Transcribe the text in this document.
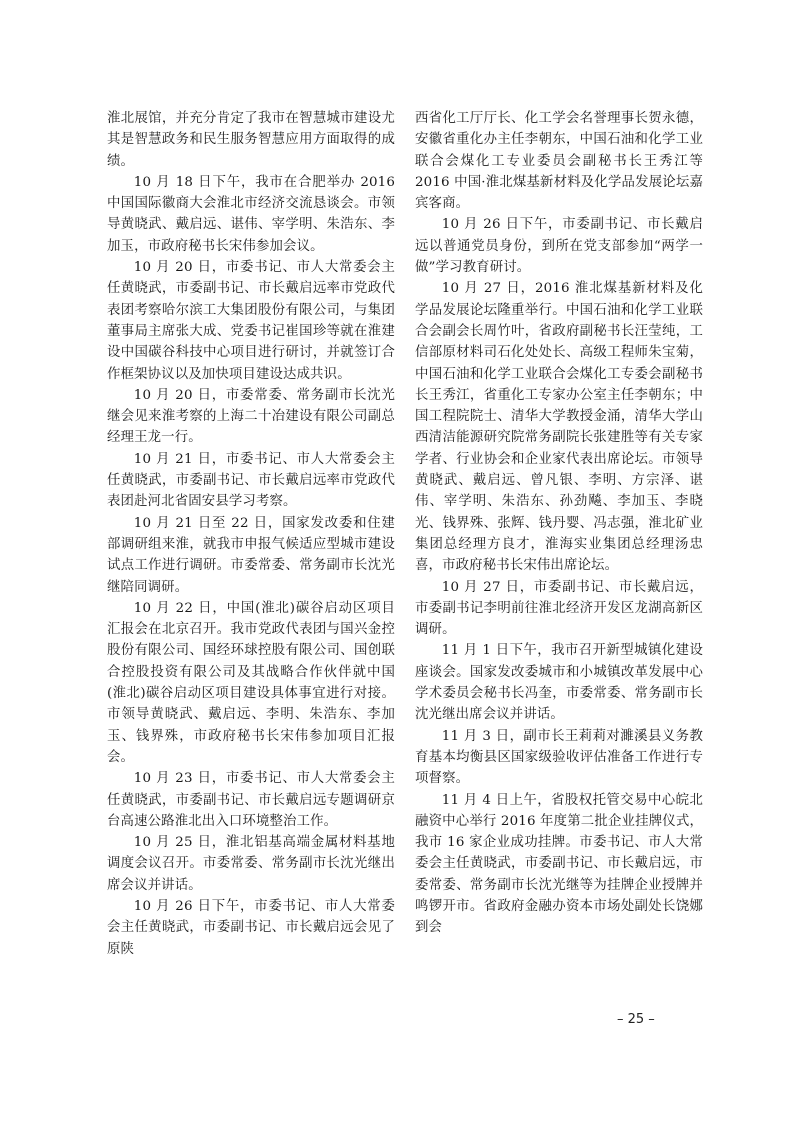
淮北展馆，并充分肯定了我市在智慧城市建设尤其是智慧政务和民生服务智慧应用方面取得的成绩。

10 月 18 日下午，我市在合肥举办 2016 中国国际徽商大会淮北市经济交流恳谈会。市领导黄晓武、戴启远、谌伟、宰学明、朱浩东、李加玉，市政府秘书长宋伟参加会议。

10 月 20 日，市委书记、市人大常委会主任黄晓武，市委副书记、市长戴启远率市党政代表团考察哈尔滨工大集团股份有限公司，与集团董事局主席张大成、党委书记崔国珍等就在淮建设中国碳谷科技中心项目进行研讨，并就签订合作框架协议以及加快项目建设达成共识。

10 月 20 日，市委常委、常务副市长沈光继会见来淮考察的上海二十冶建设有限公司副总经理王龙一行。

10 月 21 日，市委书记、市人大常委会主任黄晓武，市委副书记、市长戴启远率市党政代表团赴河北省固安县学习考察。

10 月 21 日至 22 日，国家发改委和住建部调研组来淮，就我市申报气候适应型城市建设试点工作进行调研。市委常委、常务副市长沈光继陪同调研。

10 月 22 日，中国(淮北)碳谷启动区项目汇报会在北京召开。我市党政代表团与国兴金控股份有限公司、国经环球控股有限公司、国创联合控股投资有限公司及其战略合作伙伴就中国(淮北)碳谷启动区项目建设具体事宜进行对接。市领导黄晓武、戴启远、李明、朱浩东、李加玉、钱界殊，市政府秘书长宋伟参加项目汇报会。

10 月 23 日，市委书记、市人大常委会主任黄晓武，市委副书记、市长戴启远专题调研京台高速公路淮北出入口环境整治工作。

10 月 25 日，淮北铝基高端金属材料基地调度会议召开。市委常委、常务副市长沈光继出席会议并讲话。

10 月 26 日下午，市委书记、市人大常委会主任黄晓武，市委副书记、市长戴启远会见了原陕

西省化工厅厅长、化工学会名誉理事长贺永德，安徽省重化办主任李朝东，中国石油和化学工业联合会煤化工专业委员会副秘书长王秀江等 2016 中国·淮北煤基新材料及化学品发展论坛嘉宾客商。

10 月 26 日下午，市委副书记、市长戴启远以普通党员身份，到所在党支部参加“两学一做”学习教育研讨。

10 月 27 日，2016 淮北煤基新材料及化学品发展论坛隆重举行。中国石油和化学工业联合会副会长周竹叶，省政府副秘书长汪莹纯，工信部原材料司石化处处长、高级工程师朱宝菊，中国石油和化学工业联合会煤化工专委会副秘书长王秀江，省重化工专家办公室主任李朝东；中国工程院院士、清华大学教授金涌，清华大学山西清洁能源研究院常务副院长张建胜等有关专家学者、行业协会和企业家代表出席论坛。市领导黄晓武、戴启远、曾凡银、李明、方宗泽、谌伟、宰学明、朱浩东、孙劲飚、李加玉、李晓光、钱界殊、张辉、钱丹婴、冯志强，淮北矿业集团总经理方良才，淮海实业集团总经理汤忠喜，市政府秘书长宋伟出席论坛。

10 月 27 日，市委副书记、市长戴启远，市委副书记李明前往淮北经济开发区龙湖高新区调研。

11 月 1 日下午，我市召开新型城镇化建设座谈会。国家发改委城市和小城镇改革发展中心学术委员会秘书长冯奎，市委常委、常务副市长沈光继出席会议并讲话。

11 月 3 日，副市长王莉莉对濉溪县义务教育基本均衡县区国家级验收评估准备工作进行专项督察。

11 月 4 日上午，省股权托管交易中心皖北融资中心举行 2016 年度第二批企业挂牌仪式，我市 16 家企业成功挂牌。市委书记、市人大常委会主任黄晓武，市委副书记、市长戴启远，市委常委、常务副市长沈光继等为挂牌企业授牌并鸣锣开市。省政府金融办资本市场处副处长饶娜到会

– 25 –
